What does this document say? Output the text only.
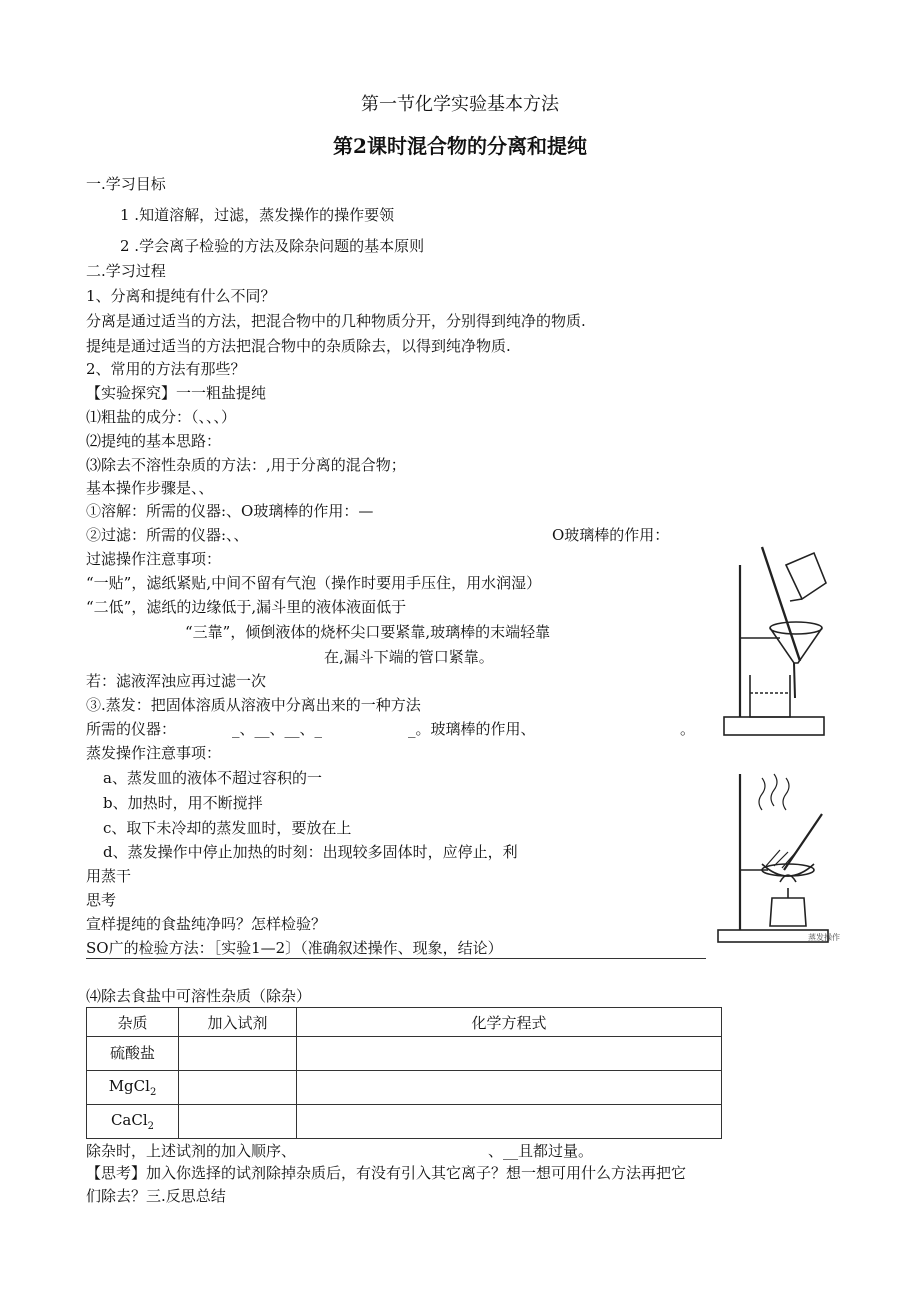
第一节化学实验基本方法
第2课时混合物的分离和提纯
一.学习目标
1 .知道溶解，过滤，蒸发操作的操作要领
2 .学会离子检验的方法及除杂问题的基本原则
二.学习过程
1、分离和提纯有什么不同？
分离是通过适当的方法，把混合物中的几种物质分开，分别得到纯净的物质.
提纯是通过适当的方法把混合物中的杂质除去，以得到纯净物质.
2、常用的方法有那些？
【实验探究】一一粗盐提纯
⑴粗盐的成分：（、、、）
⑵提纯的基本思路：
⑶除去不溶性杂质的方法：,用于分离的混合物；
基本操作步骤是、、
①溶解：所需的仪器:、O玻璃棒的作用：—
②过滤：所需的仪器:、、	O玻璃棒的作用：
过滤操作注意事项：
“一贴”，滤纸紧贴,中间不留有气泡（操作时要用手压住，用水润湿）
“二低”，滤纸的边缘低于,漏斗里的液体液面低于
“三靠”，倾倒液体的烧杯尖口要紧靠,玻璃棒的末端轻靠
在,漏斗下端的管口紧靠。
若：滤液浑浊应再过滤一次
③.蒸发：把固体溶质从溶液中分离出来的一种方法
所需的仪器：	_、__、__、_	_。玻璃棒的作用、	。
蒸发操作注意事项：
a、蒸发皿的液体不超过容积的一
b、加热时，用不断搅拌
c、取下未冷却的蒸发皿时，要放在上
d、蒸发操作中停止加热的时刻：出现较多固体时，应停止，利
用蒸干
思考
宣样提纯的食盐纯净吗？怎样检验？
SO广的检验方法：［实验1—2〕（准确叙述操作、现象，结论）
⑷除去食盐中可溶性杂质（除杂）
杂质	加入试剂	化学方程式
硫酸盐		
MgCl$_2$		
CaCl$_2$		
除杂时，上述试剂的加入顺序、	、__且都过量。
【思考】加入你选择的试剂除掉杂质后，有没有引入其它离子？想一想可用什么方法再把它
们除去？三.反思总结
蒸发操作
